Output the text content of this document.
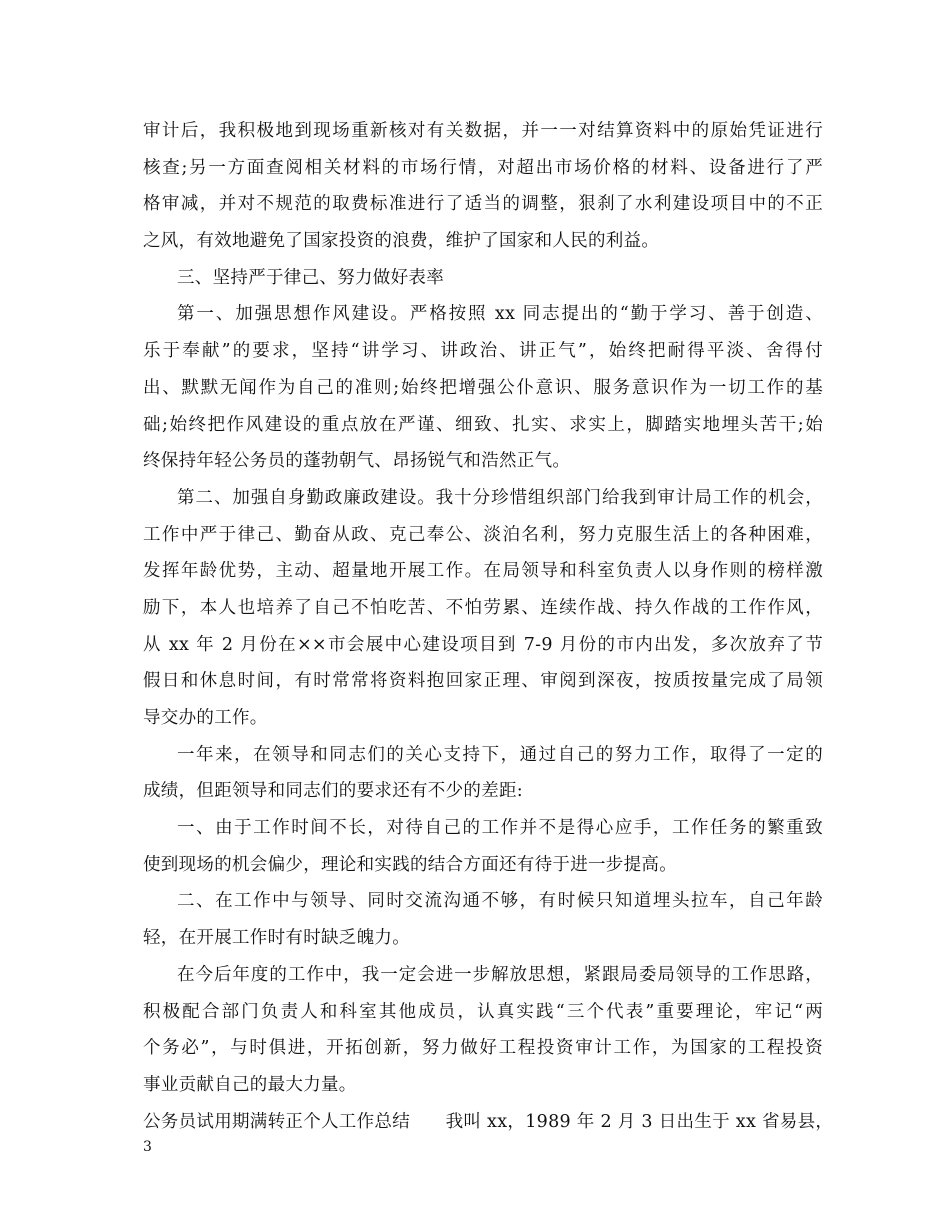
审计后，我积极地到现场重新核对有关数据，并一一对结算资料中的原始凭证进行
核查;另一方面查阅相关材料的市场行情，对超出市场价格的材料、设备进行了严
格审减，并对不规范的取费标准进行了适当的调整，狠刹了水利建设项目中的不正
之风，有效地避免了国家投资的浪费，维护了国家和人民的利益。
三、坚持严于律己、努力做好表率
第一、加强思想作风建设。严格按照 xx 同志提出的“勤于学习、善于创造、
乐于奉献”的要求，坚持“讲学习、讲政治、讲正气”，始终把耐得平淡、舍得付
出、默默无闻作为自己的准则;始终把增强公仆意识、服务意识作为一切工作的基
础;始终把作风建设的重点放在严谨、细致、扎实、求实上，脚踏实地埋头苦干;始
终保持年轻公务员的蓬勃朝气、昂扬锐气和浩然正气。
第二、加强自身勤政廉政建设。我十分珍惜组织部门给我到审计局工作的机会，
工作中严于律己、勤奋从政、克己奉公、淡泊名利，努力克服生活上的各种困难，
发挥年龄优势，主动、超量地开展工作。在局领导和科室负责人以身作则的榜样激
励下，本人也培养了自己不怕吃苦、不怕劳累、连续作战、持久作战的工作作风，
从 xx 年 2 月份在××市会展中心建设项目到 7-9 月份的市内出发，多次放弃了节
假日和休息时间，有时常常将资料抱回家正理、审阅到深夜，按质按量完成了局领
导交办的工作。
一年来，在领导和同志们的关心支持下，通过自己的努力工作，取得了一定的
成绩，但距领导和同志们的要求还有不少的差距:
一、由于工作时间不长，对待自己的工作并不是得心应手，工作任务的繁重致
使到现场的机会偏少，理论和实践的结合方面还有待于进一步提高。
二、在工作中与领导、同时交流沟通不够，有时候只知道埋头拉车，自己年龄
轻，在开展工作时有时缺乏魄力。
在今后年度的工作中，我一定会进一步解放思想，紧跟局委局领导的工作思路，
积极配合部门负责人和科室其他成员，认真实践“三个代表”重要理论，牢记“两
个务必”，与时俱进，开拓创新，努力做好工程投资审计工作，为国家的工程投资
事业贡献自己的最大力量。
公务员试用期满转正个人工作总结　　我叫 xx，1989 年 2 月 3 日出生于 xx 省易县，
3
